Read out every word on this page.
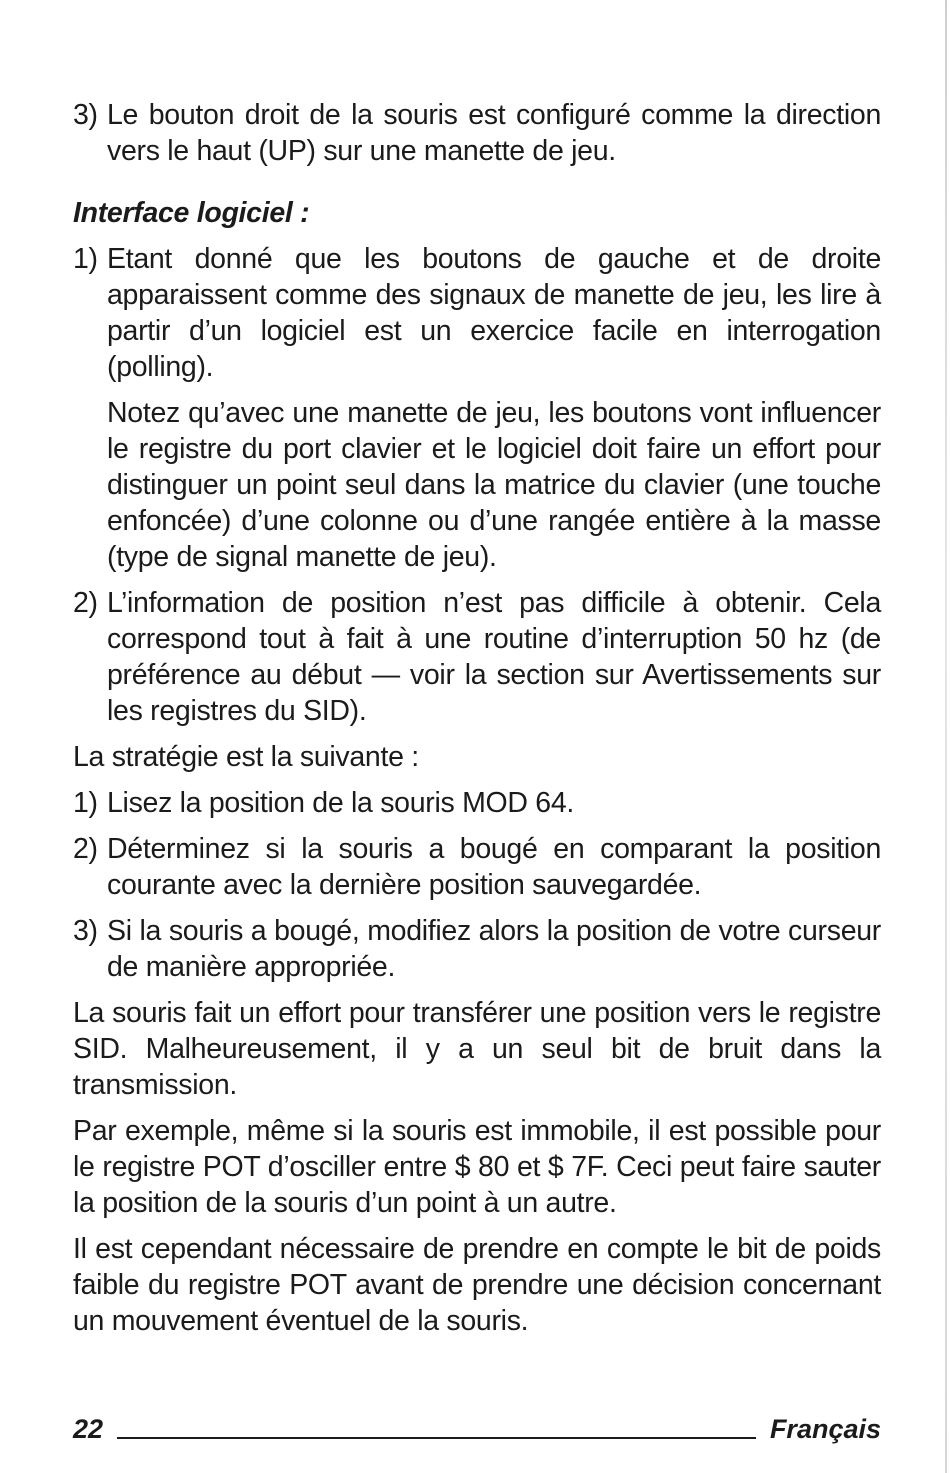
3) Le bouton droit de la souris est configuré comme la direction vers le haut (UP) sur une manette de jeu.
Interface logiciel :
1) Etant donné que les boutons de gauche et de droite apparaissent comme des signaux de manette de jeu, les lire à partir d’un logiciel est un exercice facile en interrogation (polling).
Notez qu’avec une manette de jeu, les boutons vont influencer le registre du port clavier et le logiciel doit faire un effort pour distinguer un point seul dans la matrice du clavier (une touche enfoncée) d’une colonne ou d’une rangée entière à la masse (type de signal manette de jeu).
2) L’information de position n’est pas difficile à obtenir. Cela correspond tout à fait à une routine d’interruption 50 hz (de préférence au début — voir la section sur Avertissements sur les registres du SID).
La stratégie est la suivante :
1) Lisez la position de la souris MOD 64.
2) Déterminez si la souris a bougé en comparant la position courante avec la dernière position sauvegardée.
3) Si la souris a bougé, modifiez alors la position de votre curseur de manière appropriée.
La souris fait un effort pour transférer une position vers le registre SID. Malheureusement, il y a un seul bit de bruit dans la transmission.
Par exemple, même si la souris est immobile, il est possible pour le registre POT d’osciller entre $ 80 et $ 7F. Ceci peut faire sauter la position de la souris d’un point à un autre.
Il est cependant nécessaire de prendre en compte le bit de poids faible du registre POT avant de prendre une décision concernant un mouvement éventuel de la souris.
22	Français
